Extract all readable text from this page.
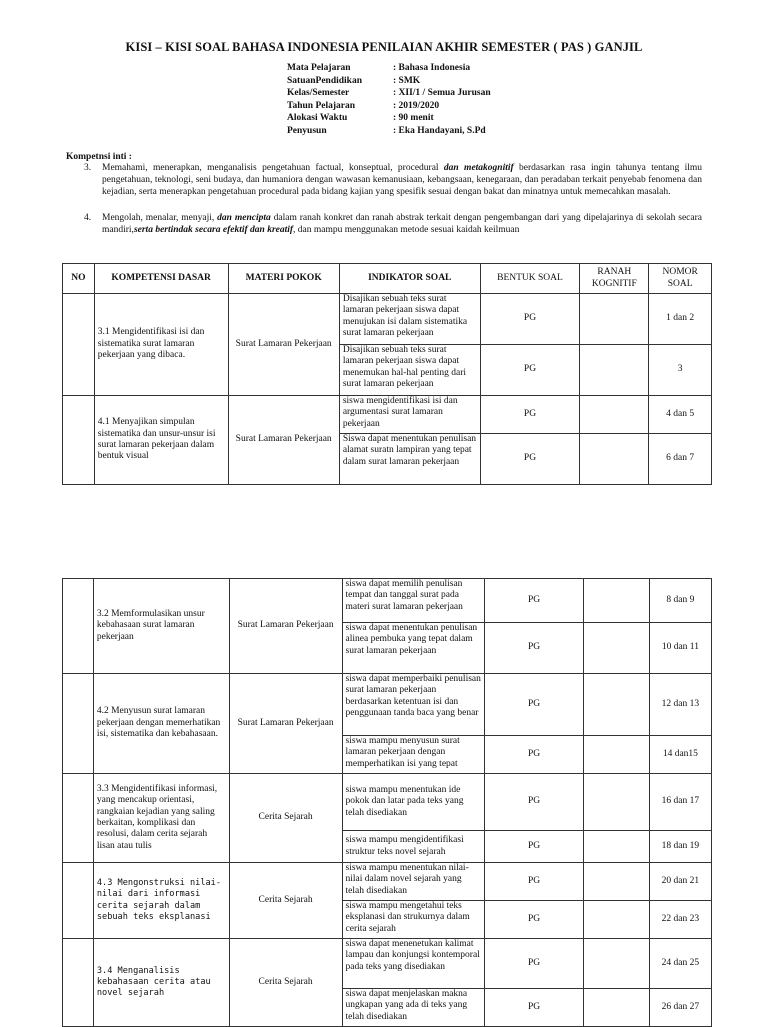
KISI – KISI SOAL BAHASA INDONESIA PENILAIAN AKHIR SEMESTER ( PAS ) GANJIL
Mata Pelajaran	: Bahasa Indonesia
SatuanPendidikan	: SMK
Kelas/Semester	: XII/1 / Semua Jurusan
Tahun Pelajaran	: 2019/2020
Alokasi Waktu	: 90 menit
Penyusun	: Eka Handayani, S.Pd
Kompetnsi inti :
3. Memahami, menerapkan, menganalisis pengetahuan factual, konseptual, procedural dan metakognitif berdasarkan rasa ingin tahunya tentang ilmu pengetahuan, teknologi, seni budaya, dan humaniora dengan wawasan kemanusiaan, kebangsaan, kenegaraan, dan peradaban terkait penyebab fenomena dan kejadian, serta menerapkan pengetahuan procedural pada bidang kajian yang spesifik sesuai dengan bakat dan minatnya untuk memecahkan masalah.
4. Mengolah, menalar, menyaji, dan mencipta dalam ranah konkret dan ranah abstrak terkait dengan pengembangan dari yang dipelajarinya di sekolah secara mandiri,serta bertindak secara efektif dan kreatif, dan mampu menggunakan metode sesuai kaidah keilmuan
NO	KOMPETENSI DASAR	MATERI POKOK	INDIKATOR SOAL	BENTUK SOAL	RANAH KOGNITIF	NOMOR SOAL
	3.1 Mengidentifikasi isi dan sistematika surat lamaran pekerjaan yang dibaca.	Surat Lamaran Pekerjaan	Disajikan sebuah teks surat lamaran pekerjaan siswa dapat menujukan isi dalam sistematika surat lamaran pekerjaan	PG		1 dan 2
			Disajikan sebuah teks surat lamaran pekerjaan siswa dapat menemukan hal-hal penting dari surat lamaran pekerjaan	PG		3
	4.1 Menyajikan simpulan sistematika dan unsur-unsur isi surat lamaran pekerjaan dalam bentuk visual	Surat Lamaran Pekerjaan	siswa mengidentifikasi isi dan argumentasi surat lamaran pekerjaan	PG		4 dan 5
			Siswa dapat menentukan penulisan alamat suratn lampiran yang tepat dalam surat lamaran pekerjaan	PG		6 dan 7
	3.2 Memformulasikan unsur kebahasaan surat lamaran pekerjaan	Surat Lamaran Pekerjaan	siswa dapat memilih penulisan tempat dan tanggal surat pada materi surat lamaran pekerjaan	PG		8 dan 9
			siswa dapat menentukan penulisan alinea pembuka yang tepat dalam surat lamaran pekerjaan	PG		10 dan 11
	4.2 Menyusun surat lamaran pekerjaan dengan memerhatikan isi, sistematika dan kebahasaan.	Surat Lamaran Pekerjaan	siswa dapat memperbaiki penulisan surat lamaran pekerjaan berdasarkan ketentuan isi dan penggunaan tanda baca yang benar	PG		12 dan 13
			siswa mampu menyusun surat lamaran pekerjaan dengan memperhatikan isi yang tepat	PG		14 dan15
	3.3 Mengidentifikasi informasi, yang mencakup orientasi, rangkaian kejadian yang saling berkaitan, komplikasi dan resolusi, dalam cerita sejarah lisan atau tulis	Cerita Sejarah	siswa mampu menentukan ide pokok dan latar pada teks yang telah disediakan	PG		16 dan 17
			siswa mampu mengidentifikasi struktur teks novel sejarah	PG		18 dan 19
	4.3 Mengonstruksi nilai-nilai dari informasi cerita sejarah dalam sebuah teks eksplanasi	Cerita Sejarah	siswa mampu menentukan nilai-nilai dalam novel sejarah yang telah disediakan	PG		20 dan 21
			siswa mampu mengetahui teks eksplanasi dan strukurnya dalam cerita sejarah	PG		22 dan 23
	3.4 Menganalisis kebahasaan cerita atau novel sejarah	Cerita Sejarah	siswa dapat menenetukan kalimat lampau dan konjungsi kontemporal pada teks yang disediakan	PG		24 dan 25
			siswa dapat menjelaskan makna ungkapan yang ada di teks yang telah disediakan	PG		26 dan 27
